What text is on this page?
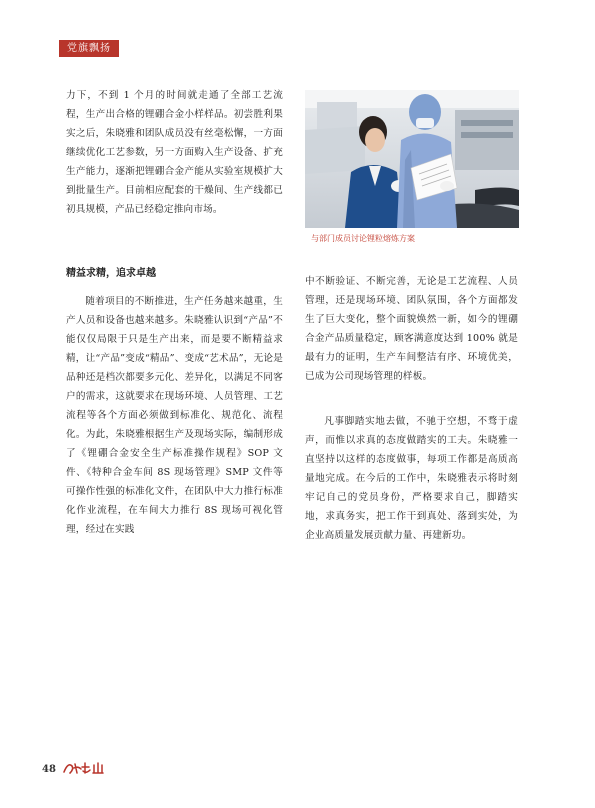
党旗飘扬

力下，不到 1 个月的时间就走通了全部工艺流程，生产出合格的锂硼合金小样样品。初尝胜利果实之后，朱晓雅和团队成员没有丝毫松懈，一方面继续优化工艺参数，另一方面购入生产设备、扩充生产能力，逐渐把锂硼合金产能从实验室规模扩大到批量生产。目前相应配套的干燥间、生产线都已初具规模，产品已经稳定推向市场。

精益求精，追求卓越

随着项目的不断推进，生产任务越来越重，生产人员和设备也越来越多。朱晓雅认识到“产品”不能仅仅局限于只是生产出来，而是要不断精益求精，让“产品”变成“精品”、变成“艺术品”，无论是品种还是档次都要多元化、差异化，以满足不同客户的需求，这就要求在现场环境、人员管理、工艺流程等各个方面必须做到标准化、规范化、流程化。为此，朱晓雅根据生产及现场实际，编制形成了《锂硼合金安全生产标准操作规程》SOP 文件、《特种合金车间 8S 现场管理》SMP 文件等可操作性强的标准化文件，在团队中大力推行标准化作业流程，在车间大力推行 8S 现场可视化管理，经过在实践

与部门成员讨论锂粒熔炼方案

中不断验证、不断完善，无论是工艺流程、人员管理，还是现场环境、团队氛围，各个方面都发生了巨大变化，整个面貌焕然一新，如今的锂硼合金产品质量稳定，顾客满意度达到 100% 就是最有力的证明，生产车间整洁有序、环境优美，已成为公司现场管理的样板。

凡事脚踏实地去做，不驰于空想，不骛于虚声，而惟以求真的态度做踏实的工夫。朱晓雅一直坚持以这样的态度做事，每项工作都是高质高量地完成。在今后的工作中，朱晓雅表示将时刻牢记自己的党员身份，严格要求自己，脚踏实地，求真务实，把工作干到真处、落到实处，为企业高质量发展贡献力量、再建新功。

48
